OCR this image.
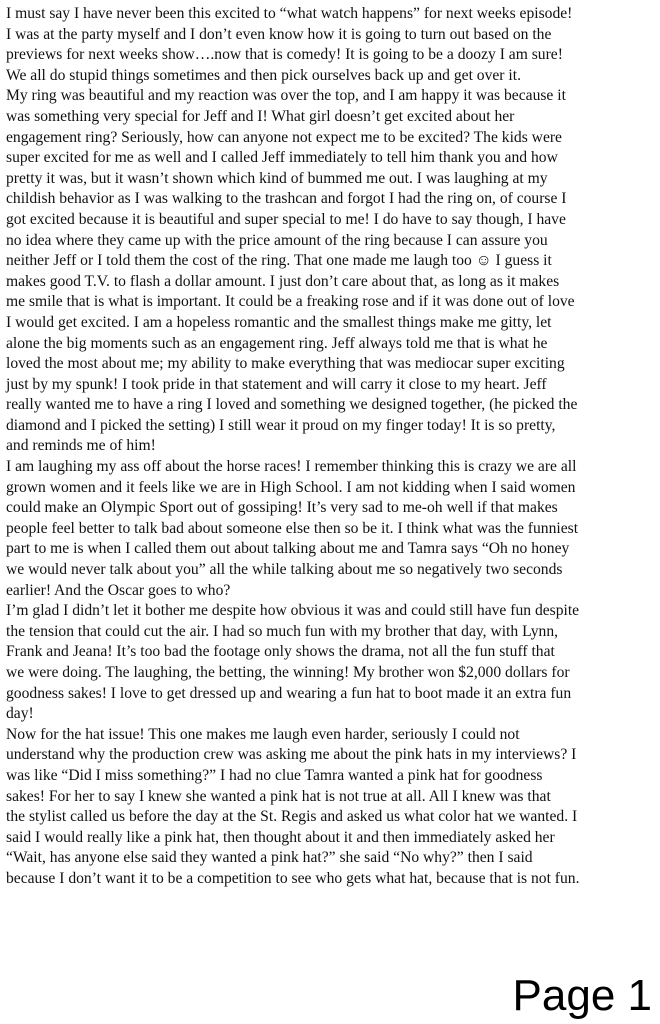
I must say I have never been this excited to “what watch happens” for next weeks episode!
I was at the party myself and I don’t even know how it is going to turn out based on the
previews for next weeks show….now that is comedy! It is going to be a doozy I am sure!
We all do stupid things sometimes and then pick ourselves back up and get over it.
My ring was beautiful and my reaction was over the top, and I am happy it was because it
was something very special for Jeff and I! What girl doesn’t get excited about her
engagement ring? Seriously, how can anyone not expect me to be excited? The kids were
super excited for me as well and I called Jeff immediately to tell him thank you and how
pretty it was, but it wasn’t shown which kind of bummed me out. I was laughing at my
childish behavior as I was walking to the trashcan and forgot I had the ring on, of course I
got excited because it is beautiful and super special to me! I do have to say though, I have
no idea where they came up with the price amount of the ring because I can assure you
neither Jeff or I told them the cost of the ring. That one made me laugh too ☺ I guess it
makes good T.V. to flash a dollar amount. I just don’t care about that, as long as it makes
me smile that is what is important. It could be a freaking rose and if it was done out of love
I would get excited. I am a hopeless romantic and the smallest things make me gitty, let
alone the big moments such as an engagement ring. Jeff always told me that is what he
loved the most about me; my ability to make everything that was mediocar super exciting
just by my spunk! I took pride in that statement and will carry it close to my heart. Jeff
really wanted me to have a ring I loved and something we designed together, (he picked the
diamond and I picked the setting) I still wear it proud on my finger today! It is so pretty,
and reminds me of him!
I am laughing my ass off about the horse races! I remember thinking this is crazy we are all
grown women and it feels like we are in High School. I am not kidding when I said women
could make an Olympic Sport out of gossiping! It’s very sad to me-oh well if that makes
people feel better to talk bad about someone else then so be it. I think what was the funniest
part to me is when I called them out about talking about me and Tamra says “Oh no honey
we would never talk about you” all the while talking about me so negatively two seconds
earlier! And the Oscar goes to who?
I’m glad I didn’t let it bother me despite how obvious it was and could still have fun despite
the tension that could cut the air. I had so much fun with my brother that day, with Lynn,
Frank and Jeana! It’s too bad the footage only shows the drama, not all the fun stuff that
we were doing. The laughing, the betting, the winning! My brother won $2,000 dollars for
goodness sakes! I love to get dressed up and wearing a fun hat to boot made it an extra fun
day!
Now for the hat issue! This one makes me laugh even harder, seriously I could not
understand why the production crew was asking me about the pink hats in my interviews? I
was like “Did I miss something?” I had no clue Tamra wanted a pink hat for goodness
sakes! For her to say I knew she wanted a pink hat is not true at all. All I knew was that
the stylist called us before the day at the St. Regis and asked us what color hat we wanted. I
said I would really like a pink hat, then thought about it and then immediately asked her
“Wait, has anyone else said they wanted a pink hat?” she said “No why?” then I said
because I don’t want it to be a competition to see who gets what hat, because that is not fun.
Page 1
